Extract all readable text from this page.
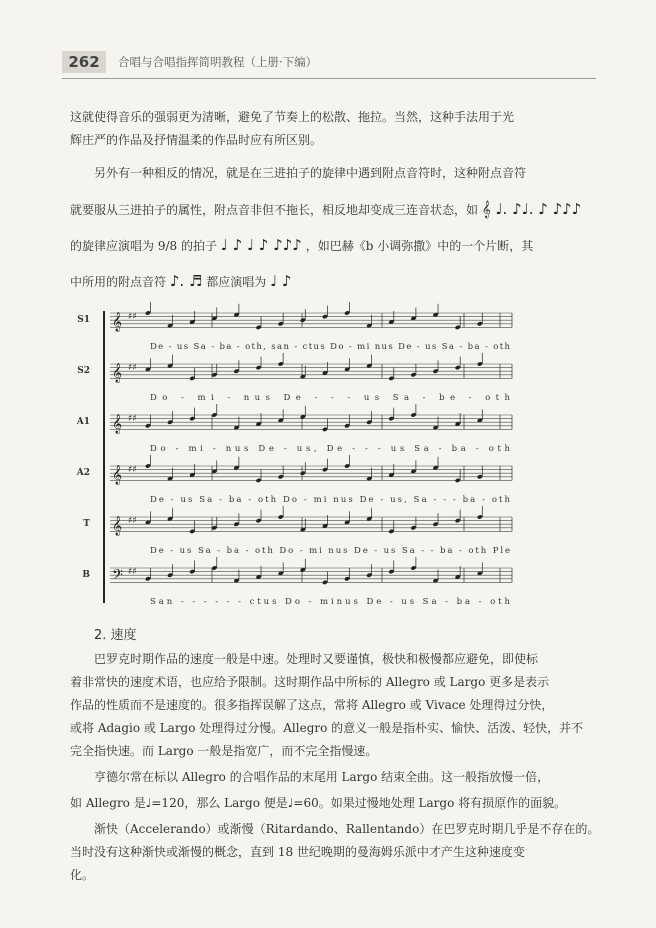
262	合唱与合唱指挥简明教程（上册·下编）
这就使得音乐的强弱更为清晰，避免了节奏上的松散、拖拉。当然，这种手法用于光
辉庄严的作品及抒情温柔的作品时应有所区别。
另外有一种相反的情况，就是在三进拍子的旋律中遇到附点音符时，这种附点音符
就要服从三进拍子的属性，附点音非但不拖长，相反地却变成三连音状态，如 𝄞 ♩. ♪♩. ♪ ♪♪♪
的旋律应演唱为 9/8 的拍子 ♩ ♪ ♩ ♪ ♪♪♪ ，如巴赫《b 小调弥撒》中的一个片断，其
中所用的附点音符 ♪. ♬ 都应演唱为 ♩ ♪
S1 𝄞 ♯♯
De - us Sa - ba - oth, san - ctus Do - mi nus De - us Sa - ba - oth
S2 𝄞 ♯♯
Do - mi - nus De - - - us Sa - be - oth
A1 𝄞 ♯♯
Do - mi - nus De - us, De - - - us Sa - ba - oth
A2 𝄞 ♯♯
De - us Sa - ba - oth Do - mi nus De - us, Sa - - - ba - oth
T 𝄞 ♯♯
De - us Sa - ba - oth Do - mi nus De - us Sa - - ba - oth Ple
B 𝄢 ♯♯
San - - - - - - ctus Do - minus De - us Sa - ba - oth
2. 速度
巴罗克时期作品的速度一般是中速。处理时又要谨慎，极快和极慢都应避免，即使标
着非常快的速度术语，也应给予限制。这时期作品中所标的 Allegro 或 Largo 更多是表示
作品的性质而不是速度的。很多指挥误解了这点，常将 Allegro 或 Vivace 处理得过分快，
或将 Adagio 或 Largo 处理得过分慢。Allegro 的意义一般是指朴实、愉快、活泼、轻快，并不
完全指快速。而 Largo 一般是指宽广，而不完全指慢速。
亨德尔常在标以 Allegro 的合唱作品的末尾用 Largo 结束全曲。这一般指放慢一倍，
如 Allegro 是♩=120，那么 Largo 便是♩=60。如果过慢地处理 Largo 将有损原作的面貌。
渐快（Accelerando）或渐慢（Ritardando、Rallentando）在巴罗克时期几乎是不存在的。
当时没有这种渐快或渐慢的概念，直到 18 世纪晚期的曼海姆乐派中才产生这种速度变
化。
